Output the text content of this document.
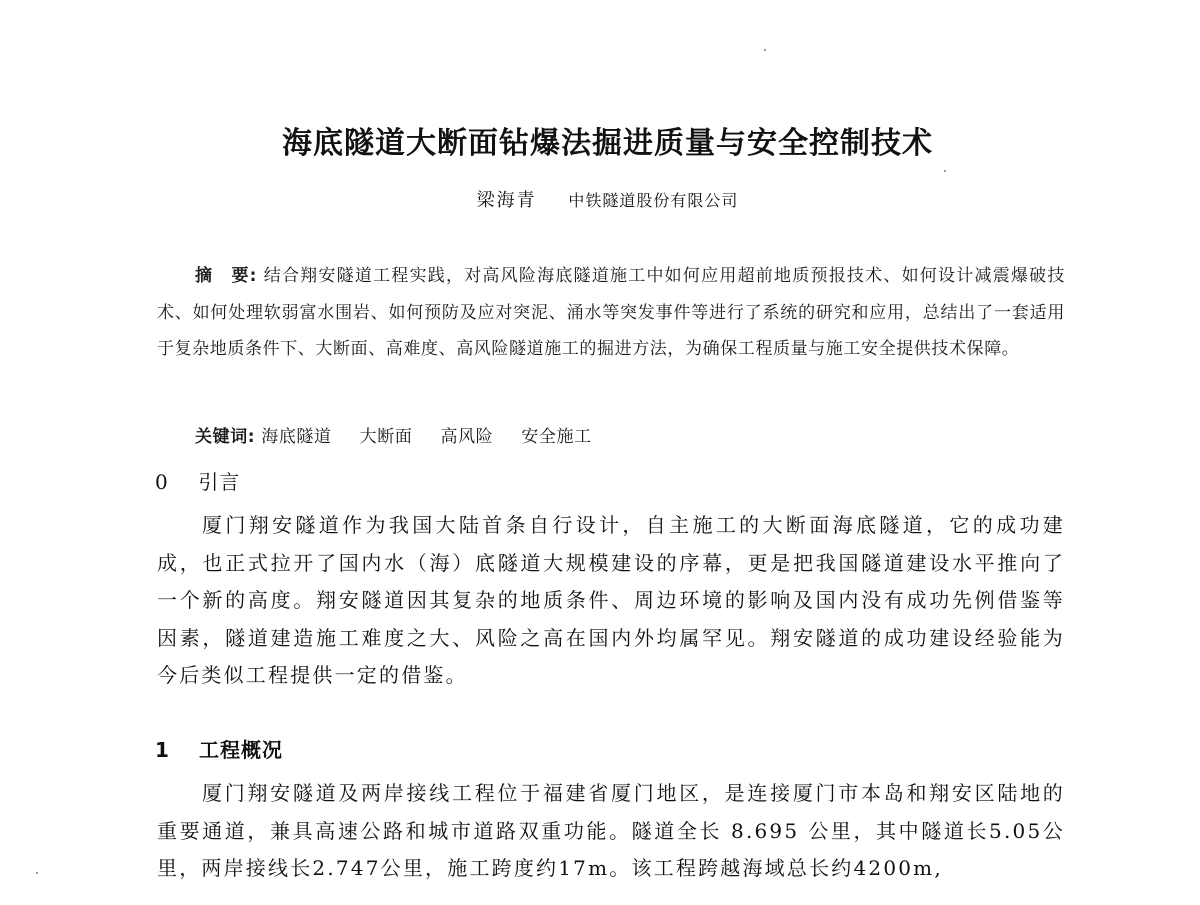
海底隧道大断面钻爆法掘进质量与安全控制技术
梁海青 中铁隧道股份有限公司
摘　要: 结合翔安隧道工程实践，对高风险海底隧道施工中如何应用超前地质预报技术、如何设计减震爆破技术、如何处理软弱富水围岩、如何预防及应对突泥、涌水等突发事件等进行了系统的研究和应用，总结出了一套适用于复杂地质条件下、大断面、高难度、高风险隧道施工的掘进方法，为确保工程质量与施工安全提供技术保障。
关键词: 海底隧道 大断面 高风险 安全施工
0 引言
厦门翔安隧道作为我国大陆首条自行设计，自主施工的大断面海底隧道，它的成功建成，也正式拉开了国内水（海）底隧道大规模建设的序幕，更是把我国隧道建设水平推向了一个新的高度。翔安隧道因其复杂的地质条件、周边环境的影响及国内没有成功先例借鉴等因素，隧道建造施工难度之大、风险之高在国内外均属罕见。翔安隧道的成功建设经验能为今后类似工程提供一定的借鉴。
1 工程概况
厦门翔安隧道及两岸接线工程位于福建省厦门地区，是连接厦门市本岛和翔安区陆地的重要通道，兼具高速公路和城市道路双重功能。隧道全长 8.695 公里，其中隧道长5.05公里，两岸接线长2.747公里，施工跨度约17m。该工程跨越海域总长约4200m,
